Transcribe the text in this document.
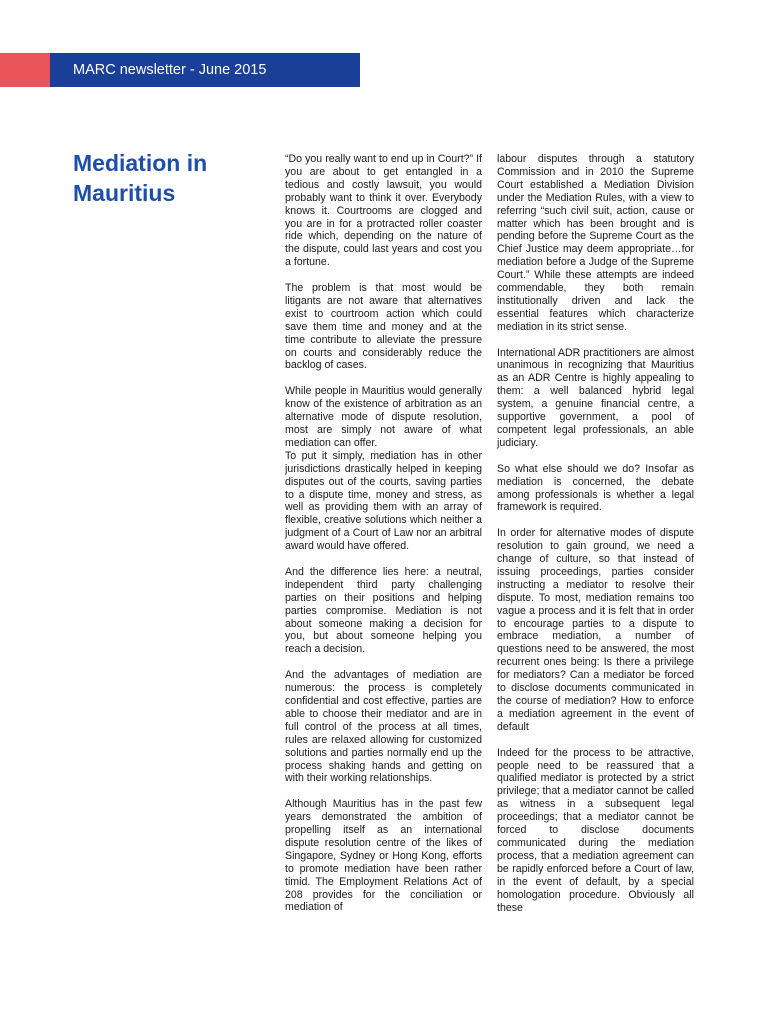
MARC newsletter - June 2015
Mediation in Mauritius

“Do you really want to end up in Court?” If you are about to get entangled in a tedious and costly lawsuit, you would probably want to think it over. Everybody knows it. Courtrooms are clogged and you are in for a protracted roller coaster ride which, depending on the nature of the dispute, could last years and cost you a fortune.

The problem is that most would be litigants are not aware that alternatives exist to courtroom action which could save them time and money and at the time contribute to alleviate the pressure on courts and considerably reduce the backlog of cases.

While people in Mauritius would generally know of the existence of arbitration as an alternative mode of dispute resolution, most are simply not aware of what mediation can offer.

To put it simply, mediation has in other jurisdictions drastically helped in keeping disputes out of the courts, saving parties to a dispute time, money and stress, as well as providing them with an array of flexible, creative solutions which neither a judgment of a Court of Law nor an arbitral award would have offered.

And the difference lies here: a neutral, independent third party challenging parties on their positions and helping parties compromise. Mediation is not about someone making a decision for you, but about someone helping you reach a decision.

And the advantages of mediation are numerous: the process is completely confidential and cost effective, parties are able to choose their mediator and are in full control of the process at all times, rules are relaxed allowing for customized solutions and parties normally end up the process shaking hands and getting on with their working relationships.

Although Mauritius has in the past few years demonstrated the ambition of propelling itself as an international dispute resolution centre of the likes of Singapore, Sydney or Hong Kong, efforts to promote mediation have been rather timid. The Employment Relations Act of 208 provides for the conciliation or mediation of

labour disputes through a statutory Commission and in 2010 the Supreme Court established a Mediation Division under the Mediation Rules, with a view to referring “such civil suit, action, cause or matter which has been brought and is pending before the Supreme Court as the Chief Justice may deem appropriate…for mediation before a Judge of the Supreme Court.” While these attempts are indeed commendable, they both remain institutionally driven and lack the essential features which characterize mediation in its strict sense.

International ADR practitioners are almost unanimous in recognizing that Mauritius as an ADR Centre is highly appealing to them: a well balanced hybrid legal system, a genuine financial centre, a supportive government, a pool of competent legal professionals, an able judiciary.

So what else should we do? Insofar as mediation is concerned, the debate among professionals is whether a legal framework is required.

In order for alternative modes of dispute resolution to gain ground, we need a change of culture, so that instead of issuing proceedings, parties consider instructing a mediator to resolve their dispute. To most, mediation remains too vague a process and it is felt that in order to encourage parties to a dispute to embrace mediation, a number of questions need to be answered, the most recurrent ones being: Is there a privilege for mediators? Can a mediator be forced to disclose documents communicated in the course of mediation? How to enforce a mediation agreement in the event of default

Indeed for the process to be attractive, people need to be reassured that a qualified mediator is protected by a strict privilege; that a mediator cannot be called as witness in a subsequent legal proceedings; that a mediator cannot be forced to disclose documents communicated during the mediation process, that a mediation agreement can be rapidly enforced before a Court of law, in the event of default, by a special homologation procedure. Obviously all these
